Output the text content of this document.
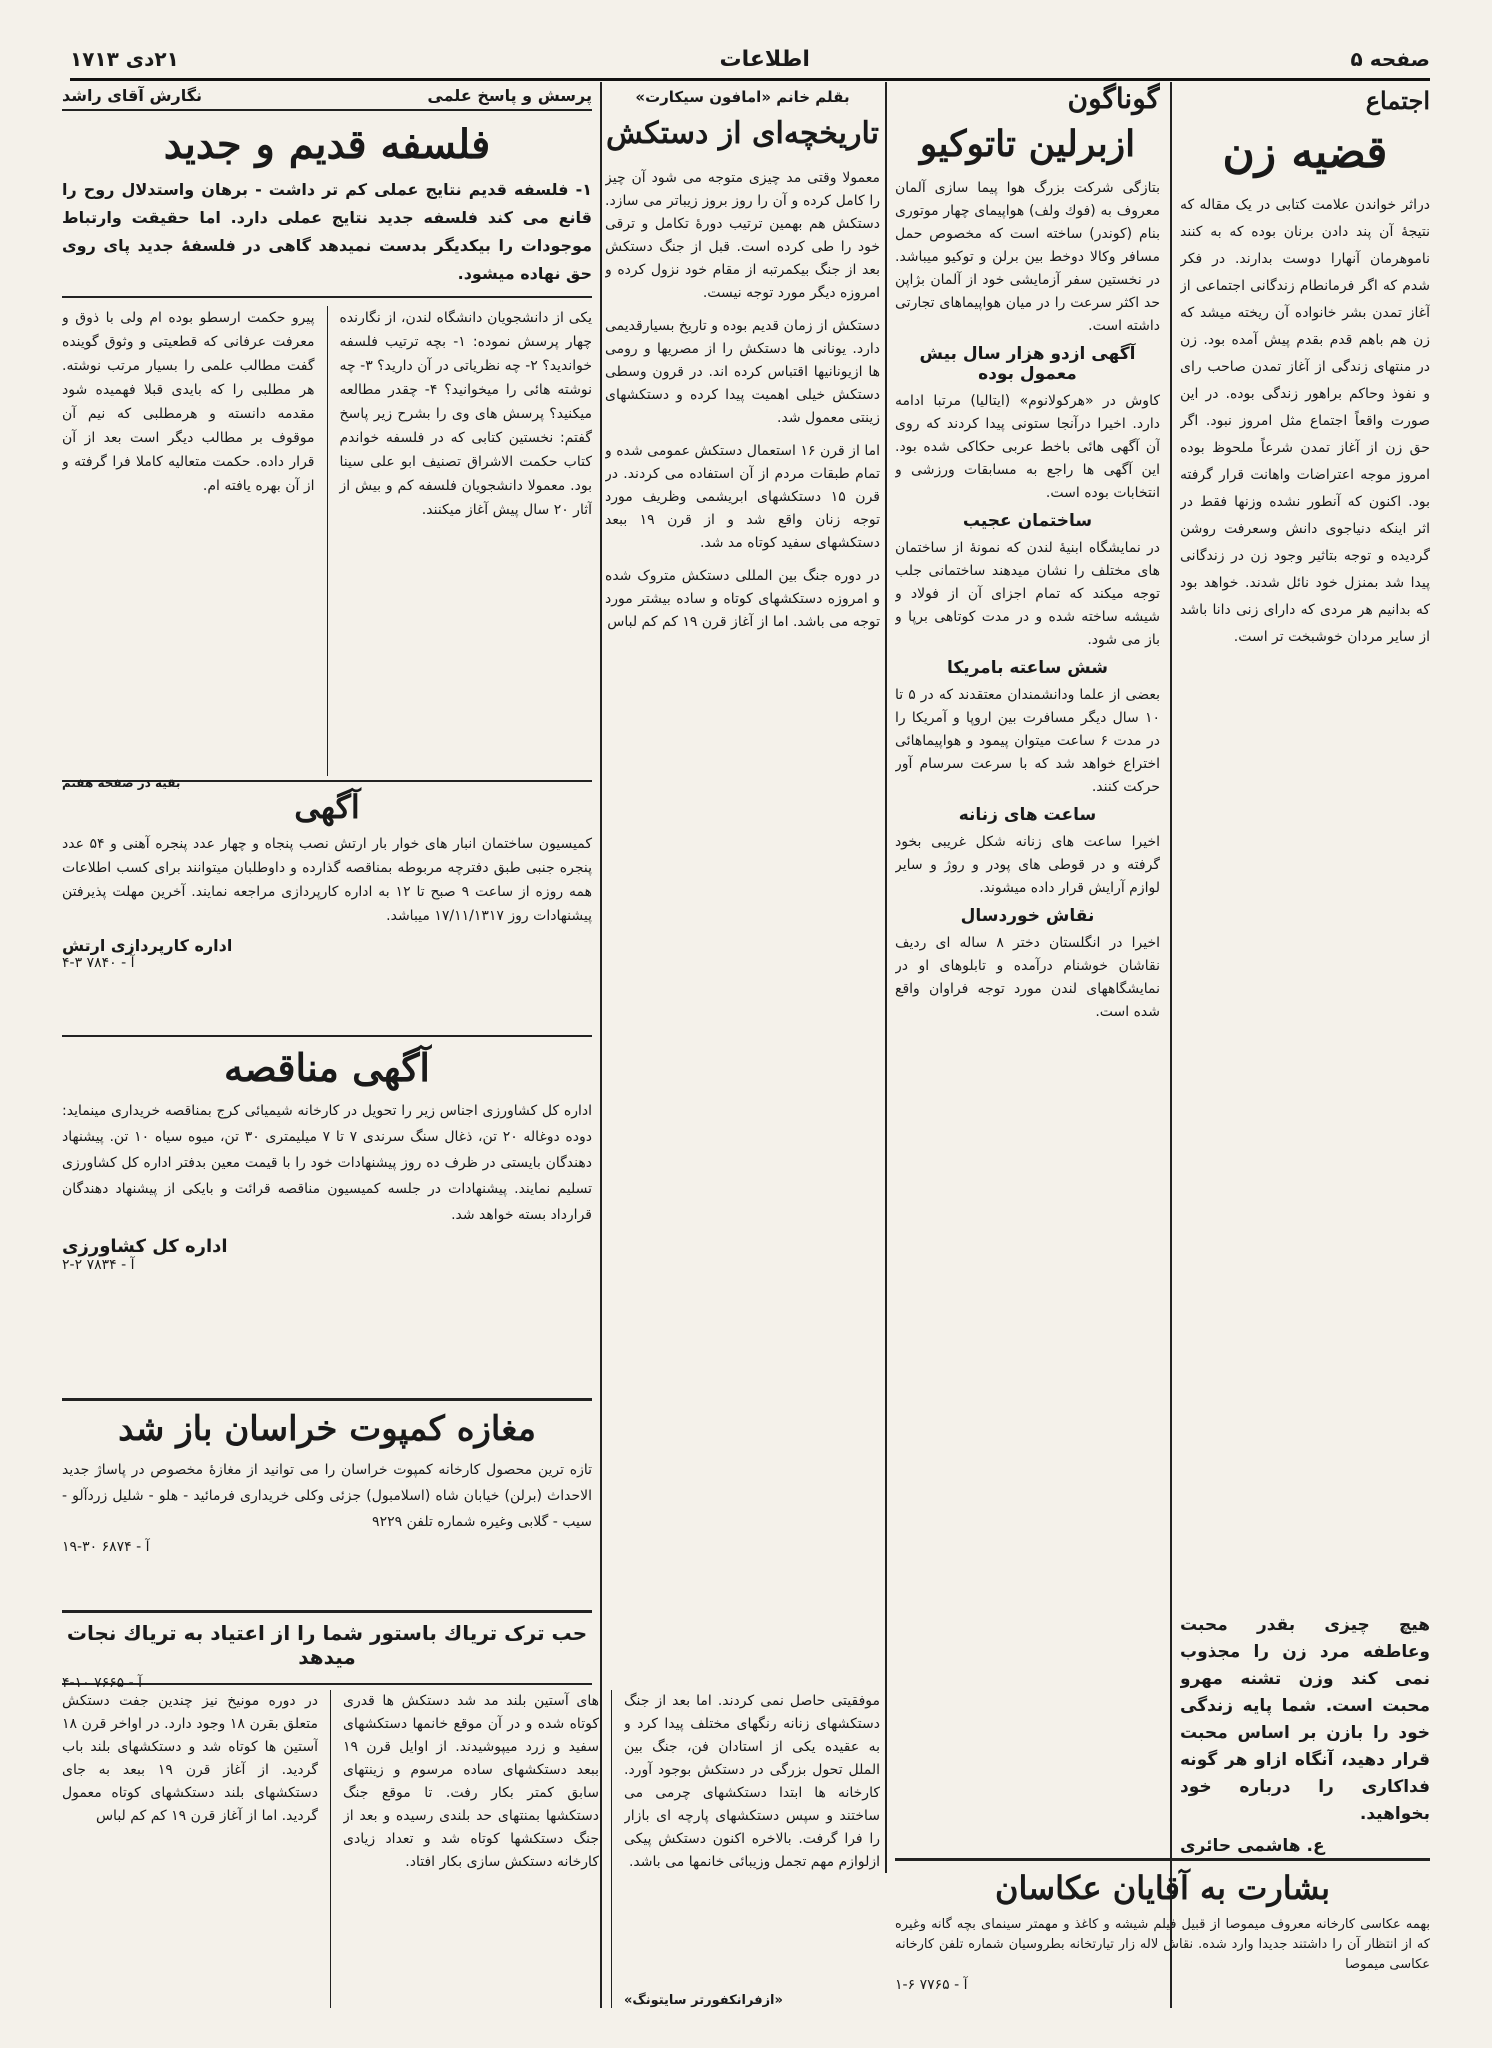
صفحه ۵
اطلاعات
۲۱دی ۱۷۱۳
اجتماع
قضیه زن

دراثر خواندن علامت کتابی در یک مقاله که نتیجهٔ آن پند دادن برنان بوده که به کنند ناموهرمان آنهارا دوست بدارند. در فکر شدم که اگر فرمانطام زندگانی اجتماعی از آغاز تمدن بشر خانواده آن ریخته میشد که زن هم باهم قدم بقدم پیش آمده بود. زن در منتهای زندگی از آغاز تمدن صاحب رای و نفوذ وحاکم براهور زندگی بوده. در این صورت واقعاً اجتماع مثل امروز نبود. اگر حق زن از آغاز تمدن شرعاً ملحوظ بوده امروز موجه اعتراضات واهانت قرار گرفته بود. اکنون که آنطور نشده وزنها فقط در اثر اینکه دنیاجوی دانش وسعرفت روشن گردیده و توجه بتاثیر وجود زن در زندگانی پیدا شد بمنزل خود نائل شدند. خواهد بود که بدانیم هر مردی که دارای زنی دانا باشد از سایر مردان خوشبخت تر است.

هیچ چیزی بقدر محبت وعاطفه مرد زن را مجذوب نمی کند وزن تشنه مهرو محبت است. شما پایه زندگی خود را بازن بر اساس محبت قرار دهید، آنگاه ازاو هر گونه فداکاری را درباره خود بخواهید.

ع. هاشمی حائری
گوناگون
ازبرلین تاتوکیو

بتازگی شرکت بزرگ هوا پیما سازی آلمان معروف به (فوك ولف) هواپیمای چهار موتوری بنام (کوندر) ساخته است که مخصوص حمل مسافر وکالا دوخط بین برلن و توکیو میباشد. در نخستین سفر آزمایشی خود از آلمان بژاپن حد اکثر سرعت را در میان هواپیماهای تجارتی داشته است.

آگهی ازدو هزار سال بیش معمول بوده

کاوش در «هرکولانوم» (ایتالیا) مرتبا ادامه دارد. اخیرا درآنجا ستونی پیدا کردند که روی آن آگهی هائی باخط عربی حکاکی شده بود. این آگهی ها راجع به مسابقات ورزشی و انتخابات بوده است.

ساختمان عجیب

در نمایشگاه ابنیهٔ لندن که نمونهٔ از ساختمان های مختلف را نشان میدهند ساختمانی جلب توجه میکند که تمام اجزای آن از فولاد و شیشه ساخته شده و در مدت کوتاهی برپا و باز می شود.

شش ساعته بامریکا

بعضی از علما ودانشمندان معتقدند که در ۵ تا ۱۰ سال دیگر مسافرت بین اروپا و آمریکا را در مدت ۶ ساعت میتوان پیمود و هواپیماهائی اختراع خواهد شد که با سرعت سرسام آور حرکت کنند.

ساعت های زنانه

اخیرا ساعت های زنانه شکل غریبی بخود گرفته و در قوطی های پودر و روژ و سایر لوازم آرایش قرار داده میشوند.

نقاش خوردسال

اخیرا در انگلستان دختر ۸ ساله ای ردیف نقاشان خوشنام درآمده و تابلوهای او در نمایشگاههای لندن مورد توجه فراوان واقع شده است.

بقلم خانم «امافون سیکارت»
تاریخچه‌ای از دستکش

معمولا وقتی مد چیزی متوجه می شود آن چیز را کامل کرده و آن را روز بروز زیباتر می سازد. دستکش هم بهمین ترتیب دورهٔ تکامل و ترقی خود را طی کرده است. قبل از جنگ دستکش بعد از جنگ بیکمرتبه از مقام خود نزول کرده و امروزه دیگر مورد توجه نیست.

دستکش از زمان قدیم بوده و تاریخ بسیارقدیمی دارد. یونانی ها دستکش را از مصریها و رومی ها ازیونانیها اقتباس کرده اند. در قرون وسطی دستکش خیلی اهمیت پیدا کرده و دستکشهای زینتی معمول شد.

اما از قرن ۱۶ استعمال دستکش عمومی شده و تمام طبقات مردم از آن استفاده می کردند. در قرن ۱۵ دستکشهای ابریشمی وظریف مورد توجه زنان واقع شد و از قرن ۱۹ ببعد دستکشهای سفید کوتاه مد شد.

در دوره جنگ بین المللی دستکش متروک شده و امروزه دستکشهای کوتاه و ساده بیشتر مورد توجه می باشد. اما از آغاز قرن ۱۹ کم کم لباس

پرسش و پاسخ علمی
نگارش آقای راشد
فلسفه قدیم و جدید

۱- فلسفه قدیم نتایج عملی کم تر داشت - برهان واستدلال روح را قانع می کند فلسفه جدید نتایج عملی دارد. اما حقیقت وارتباط موجودات را بیکدیگر بدست نمیدهد گاهی در فلسفهٔ جدید پای روی حق نهاده میشود.

یکی از دانشجویان دانشگاه لندن، از نگارنده چهار پرسش نموده: ۱- بچه ترتیب فلسفه خواندید؟ ۲- چه نظریاتی در آن دارید؟ ۳- چه نوشته هائی را میخوانید؟ ۴- چقدر مطالعه میکنید؟ پرسش های وی را بشرح زیر پاسخ گفتم: نخستین کتابی که در فلسفه خواندم کتاب حکمت الاشراق تصنیف ابو علی سینا بود. معمولا دانشجویان فلسفه کم و بیش از آثار ۲۰ سال پیش آغاز میکنند.

پیرو حکمت ارسطو بوده ام ولی با ذوق و معرفت عرفانی که قطعیتی و وثوق گوینده گفت مطالب علمی را بسیار مرتب نوشته. هر مطلبی را که بایدی قبلا فهمیده شود مقدمه دانسته و هرمطلبی که نیم آن موقوف بر مطالب دیگر است بعد از آن قرار داده. حکمت متعالیه کاملا فرا گرفته و از آن بهره یافته ام.

بقیه در صفحه هفتم
آگهی

کمیسیون ساختمان انبار های خوار بار ارتش نصب پنجاه و چهار عدد پنجره آهنی و ۵۴ عدد پنجره جنبی طبق دفترچه مربوطه بمناقصه گذارده و داوطلبان میتوانند برای کسب اطلاعات همه روزه از ساعت ۹ صبح تا ۱۲ به اداره کارپردازی مراجعه نمایند. آخرین مهلت پذیرفتن پیشنهادات روز ۱۷/۱۱/۱۳۱۷ میباشد.

اداره کارپردازی ارتش
آ - ۷۸۴۰ ۳-۴
آگهی مناقصه

اداره کل کشاورزی اجناس زیر را تحویل در کارخانه شیمیائی کرج بمناقصه خریداری مینماید: دوده دوغاله ۲۰ تن، ذغال سنگ سرندی ۷ تا ۷ میلیمتری ۳۰ تن، میوه سیاه ۱۰ تن. پیشنهاد دهندگان بایستی در ظرف ده روز پیشنهادات خود را با قیمت معین بدفتر اداره کل کشاورزی تسلیم نمایند. پیشنهادات در جلسه کمیسیون مناقصه قرائت و بایکی از پیشنهاد دهندگان قرارداد بسته خواهد شد.

اداره کل کشاورزی
آ - ۷۸۳۴ ۲-۲
مغازه کمپوت خراسان باز شد

تازه ترین محصول کارخانه کمپوت خراسان را می توانید از مغازهٔ مخصوص در پاساژ جدید الاحداث (برلن) خیابان شاه (اسلامبول) جزئی وکلی خریداری فرمائید - هلو - شلیل زردآلو - سیب - گلابی وغیره شماره تلفن ۹۲۲۹

آ - ۶۸۷۴ ۳۰-۱۹
حب ترک تریاك باستور شما را از اعتیاد به تریاك نجات میدهد
آ - ۷۶۶۵ ۱۰-۴

موفقیتی حاصل نمی کردند. اما بعد از جنگ دستکشهای زنانه رنگهای مختلف پیدا کرد و به عقیده یکی از استادان فن، جنگ بین الملل تحول بزرگی در دستکش بوجود آورد. کارخانه ها ابتدا دستکشهای چرمی می ساختند و سپس دستکشهای پارچه ای بازار را فرا گرفت. بالاخره اکنون دستکش پیکی ازلوازم مهم تجمل وزیبائی خانمها می باشد.

«ازفرانکفورتر سایتونگ»

های آستین بلند مد شد دستکش ها قدری کوتاه شده و در آن موقع خانمها دستکشهای سفید و زرد میپوشیدند. از اوایل قرن ۱۹ ببعد دستکشهای ساده مرسوم و زینتهای سابق کمتر بکار رفت. تا موقع جنگ دستکشها بمنتهای حد بلندی رسیده و بعد از جنگ دستکشها کوتاه شد و تعداد زیادی کارخانه دستکش سازی بکار افتاد.

در دوره مونیخ نیز چندین جفت دستکش متعلق بقرن ۱۸ وجود دارد. در اواخر قرن ۱۸ آستین ها کوتاه شد و دستکشهای بلند باب گردید. از آغاز قرن ۱۹ ببعد به جای دستکشهای بلند دستکشهای کوتاه معمول گردید. اما از آغاز قرن ۱۹ کم کم لباس

بشارت به آقایان عکاسان

بهمه عکاسی کارخانه معروف میموصا از قبیل فیلم شیشه و کاغذ و مهمتر سینمای بچه گانه وغیره که از انتظار آن را داشتند جدیدا وارد شده. نقاش لاله زار تیارتخانه بطروسیان شماره تلفن کارخانه عکاسی میموصا

آ - ۷۷۶۵ ۶-۱
